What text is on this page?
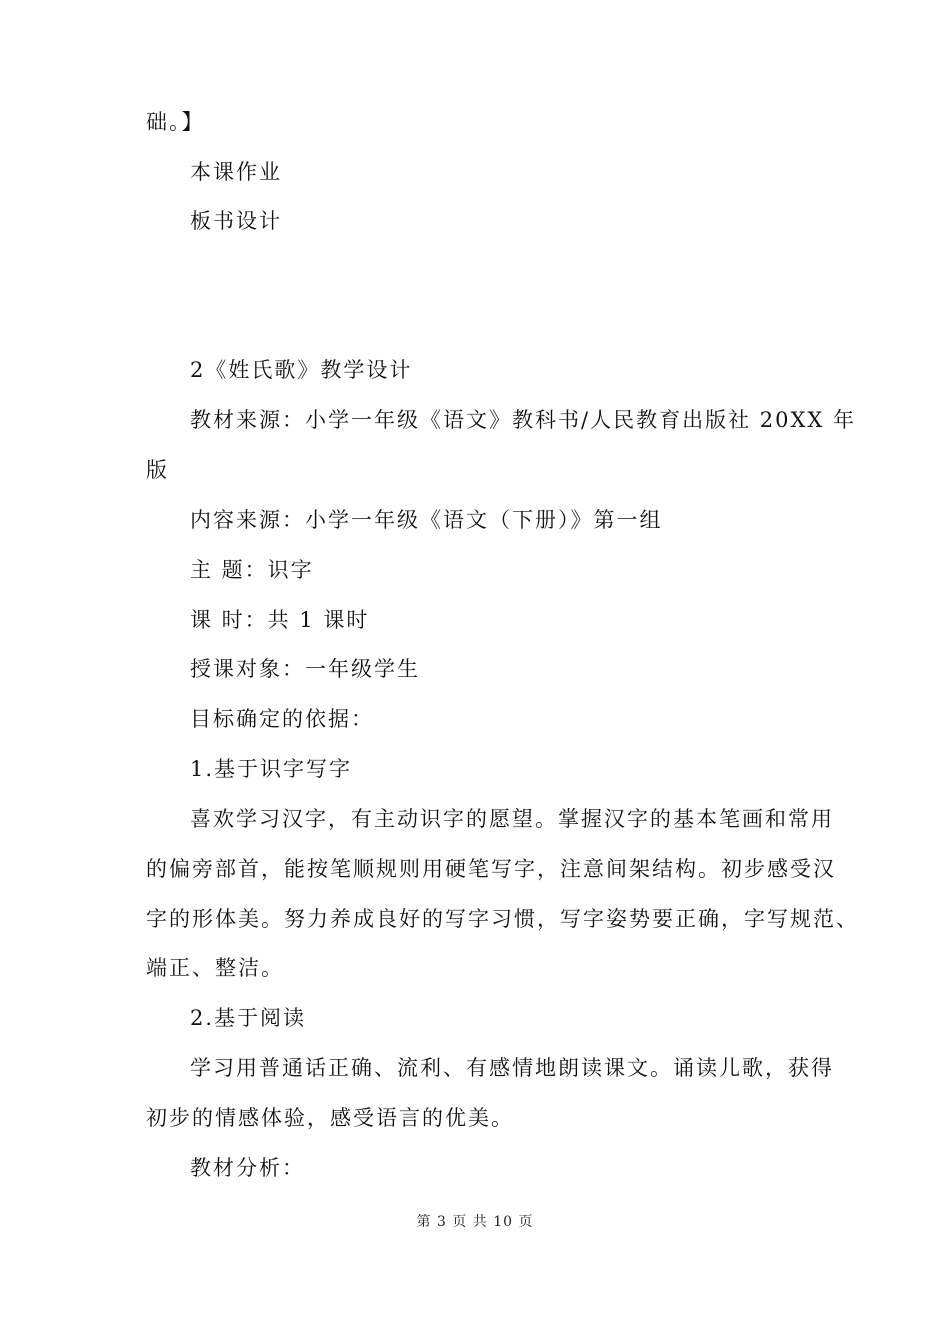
础。】
本课作业
板书设计
2《姓氏歌》教学设计
教材来源：小学一年级《语文》教科书/人民教育出版社 20XX 年
版
内容来源：小学一年级《语文（下册）》第一组
主 题：识字
课 时：共 1 课时
授课对象：一年级学生
目标确定的依据：
1.基于识字写字
喜欢学习汉字，有主动识字的愿望。掌握汉字的基本笔画和常用
的偏旁部首，能按笔顺规则用硬笔写字，注意间架结构。初步感受汉
字的形体美。努力养成良好的写字习惯，写字姿势要正确，字写规范、
端正、整洁。
2.基于阅读
学习用普通话正确、流利、有感情地朗读课文。诵读儿歌，获得
初步的情感体验，感受语言的优美。
教材分析：
第 3 页 共 10 页
